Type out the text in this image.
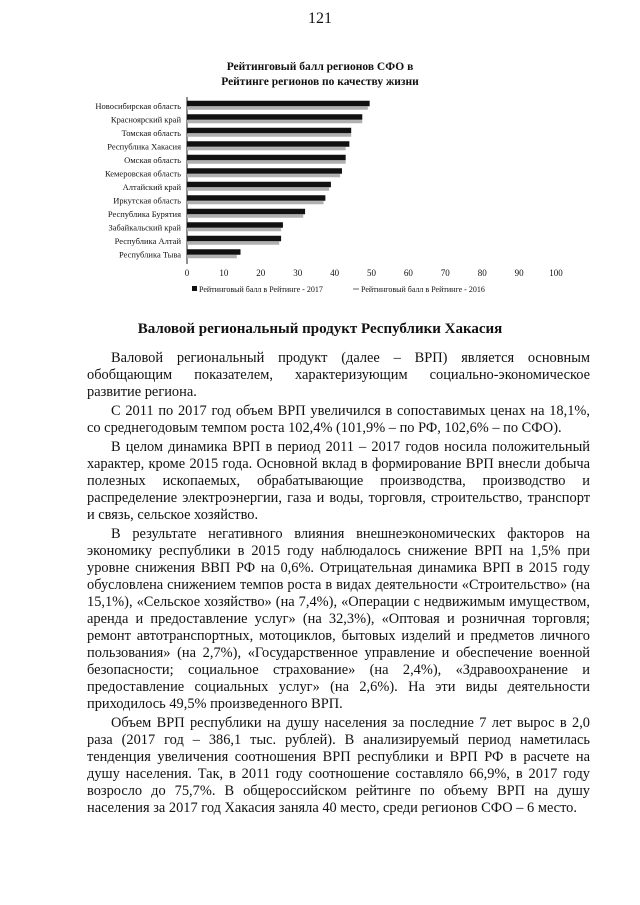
121
Рейтинговый балл регионов СФО в
Рейтинге регионов по качеству жизни
Новосибирская область
Красноярский край
Томская область
Республика Хакасия
Омская область
Кемеровская область
Алтайский край
Иркутская область
Республика Бурятия
Забайкальский край
Республика Алтай
Республика Тыва
0	10	20	30	40	50	60	70	80	90	100
Рейтинговый балл в Рейтинге - 2017	Рейтинговый балл в Рейтинге - 2016
Валовой региональный продукт Республики Хакасия

Валовой региональный продукт (далее – ВРП) является основным обобщающим показателем, характеризующим социально-экономическое развитие региона.

С 2011 по 2017 год объем ВРП увеличился в сопоставимых ценах на 18,1%, со среднегодовым темпом роста 102,4% (101,9% – по РФ, 102,6% – по СФО).

В целом динамика ВРП в период 2011 – 2017 годов носила положительный характер, кроме 2015 года. Основной вклад в формирование ВРП внесли добыча полезных ископаемых, обрабатывающие производства, производство и распределение электроэнергии, газа и воды, торговля, строительство, транспорт и связь, сельское хозяйство.

В результате негативного влияния внешнеэкономических факторов на экономику республики в 2015 году наблюдалось снижение ВРП на 1,5% при уровне снижения ВВП РФ на 0,6%. Отрицательная динамика ВРП в 2015 году обусловлена снижением темпов роста в видах деятельности «Строительство» (на 15,1%), «Сельское хозяйство» (на 7,4%), «Операции с недвижимым имуществом, аренда и предоставление услуг» (на 32,3%), «Оптовая и розничная торговля; ремонт автотранспортных, мотоциклов, бытовых изделий и предметов личного пользования» (на 2,7%), «Государственное управление и обеспечение военной безопасности; социальное страхование» (на 2,4%), «Здравоохранение и предоставление социальных услуг» (на 2,6%). На эти виды деятельности приходилось 49,5% произведенного ВРП.

Объем ВРП республики на душу населения за последние 7 лет вырос в 2,0 раза (2017 год – 386,1 тыс. рублей). В анализируемый период наметилась тенденция увеличения соотношения ВРП республики и ВРП РФ в расчете на душу населения. Так, в 2011 году соотношение составляло 66,9%, в 2017 году возросло до 75,7%. В общероссийском рейтинге по объему ВРП на душу населения за 2017 год Хакасия заняла 40 место, среди регионов СФО – 6 место.
